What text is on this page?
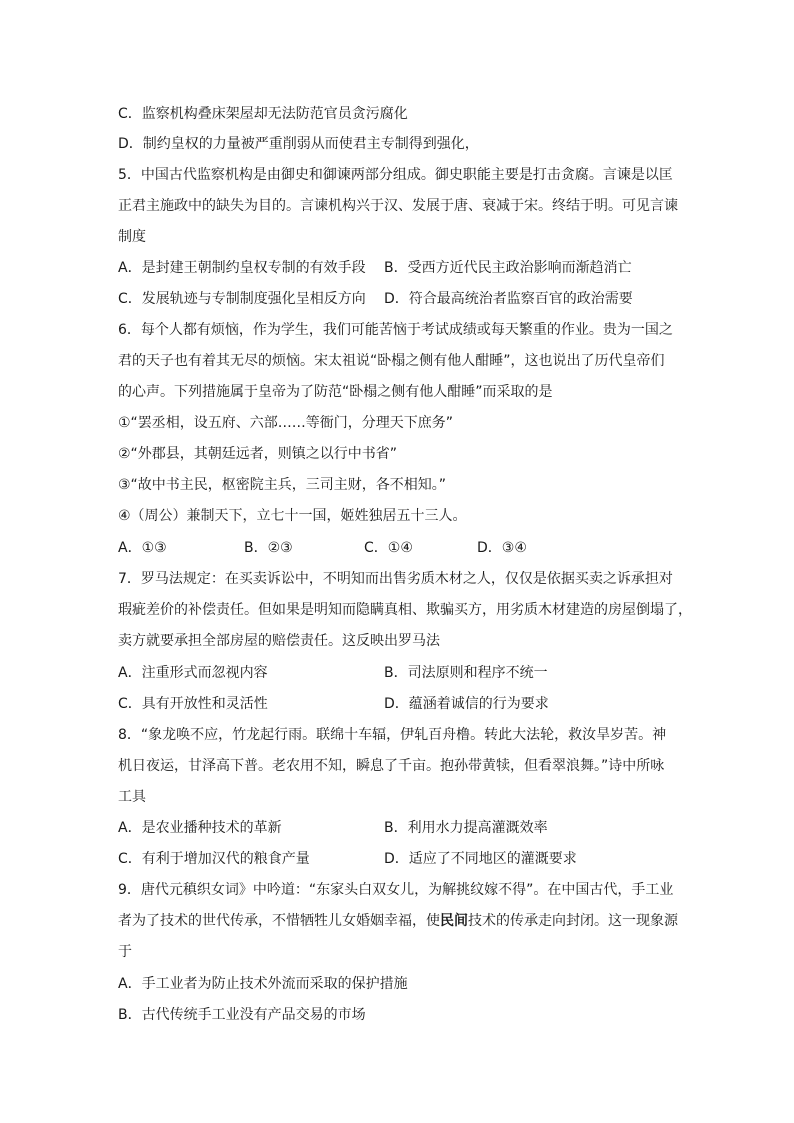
C．监察机构叠床架屋却无法防范官员贪污腐化
D．制约皇权的力量被严重削弱从而使君主专制得到强化，
5．中国古代监察机构是由御史和御谏两部分组成。御史职能主要是打击贪腐。言谏是以匡
正君主施政中的缺失为目的。言谏机构兴于汉、发展于唐、衰减于宋。终结于明。可见言谏
制度
A．是封建王朝制约皇权专制的有效手段 B．受西方近代民主政治影响而渐趋消亡
C．发展轨迹与专制制度强化呈相反方向 D．符合最高统治者监察百官的政治需要
6．每个人都有烦恼，作为学生，我们可能苦恼于考试成绩或每天繁重的作业。贵为一国之
君的天子也有着其无尽的烦恼。宋太祖说“卧榻之侧有他人酣睡”，这也说出了历代皇帝们
的心声。下列措施属于皇帝为了防范“卧榻之侧有他人酣睡”而采取的是
①“罢丞相，设五府、六部……等衙门，分理天下庶务”
②“外郡县，其朝廷远者，则镇之以行中书省”
③“故中书主民，枢密院主兵，三司主财，各不相知。”
④（周公）兼制天下，立七十一国，姬姓独居五十三人。
A．①③	B．②③	C．①④	D．③④
7．罗马法规定：在买卖诉讼中，不明知而出售劣质木材之人，仅仅是依据买卖之诉承担对
瑕疵差价的补偿责任。但如果是明知而隐瞒真相、欺骗买方，用劣质木材建造的房屋倒塌了，
卖方就要承担全部房屋的赔偿责任。这反映出罗马法
A．注重形式而忽视内容	B．司法原则和程序不统一
C．具有开放性和灵活性	D．蕴涵着诚信的行为要求
8．“象龙唤不应，竹龙起行雨。联绵十车辐，伊轧百舟橹。转此大法轮，救汝旱岁苦。神
机日夜运，甘泽高下普。老农用不知，瞬息了千亩。抱孙带黄犊，但看翠浪舞。”诗中所咏
工具
A．是农业播种技术的革新	B．利用水力提高灌溉效率
C．有利于增加汉代的粮食产量	D．适应了不同地区的灌溉要求
9．唐代元稹织女词》中吟道：“东家头白双女儿，为解挑纹嫁不得”。在中国古代，手工业
者为了技术的世代传承，不惜牺牲儿女婚姻幸福，使民间技术的传承走向封闭。这一现象源
于
A．手工业者为防止技术外流而采取的保护措施
B．古代传统手工业没有产品交易的市场
